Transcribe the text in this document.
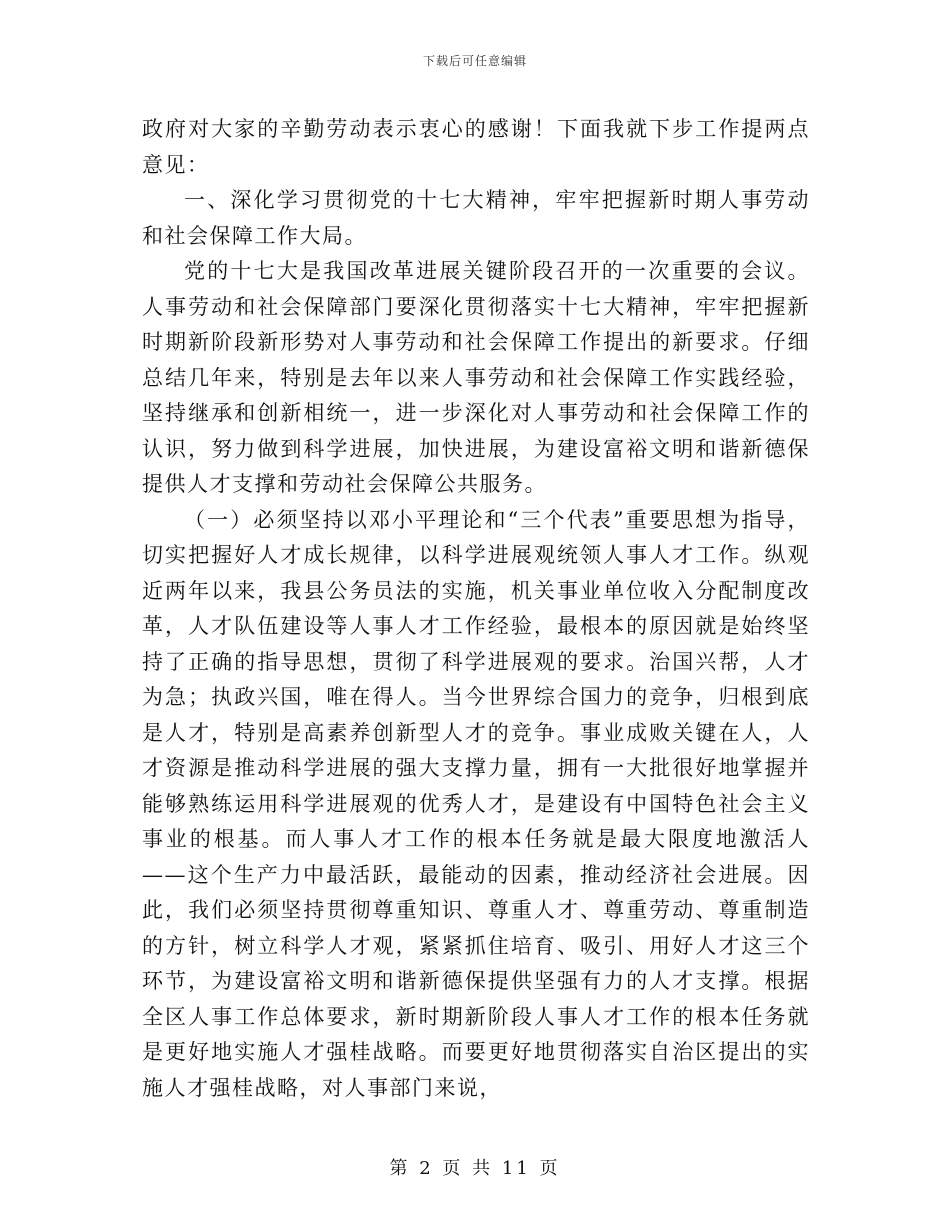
下载后可任意编辑

政府对大家的辛勤劳动表示衷心的感谢！下面我就下步工作提两点意见：

一、深化学习贯彻党的十七大精神，牢牢把握新时期人事劳动和社会保障工作大局。

党的十七大是我国改革进展关键阶段召开的一次重要的会议。人事劳动和社会保障部门要深化贯彻落实十七大精神，牢牢把握新时期新阶段新形势对人事劳动和社会保障工作提出的新要求。仔细总结几年来，特别是去年以来人事劳动和社会保障工作实践经验，坚持继承和创新相统一，进一步深化对人事劳动和社会保障工作的认识，努力做到科学进展，加快进展，为建设富裕文明和谐新德保提供人才支撑和劳动社会保障公共服务。

（一）必须坚持以邓小平理论和“三个代表”重要思想为指导，切实把握好人才成长规律，以科学进展观统领人事人才工作。纵观近两年以来，我县公务员法的实施，机关事业单位收入分配制度改革，人才队伍建设等人事人才工作经验，最根本的原因就是始终坚持了正确的指导思想，贯彻了科学进展观的要求。治国兴帮，人才为急；执政兴国，唯在得人。当今世界综合国力的竞争，归根到底是人才，特别是高素养创新型人才的竞争。事业成败关键在人，人才资源是推动科学进展的强大支撑力量，拥有一大批很好地掌握并能够熟练运用科学进展观的优秀人才，是建设有中国特色社会主义事业的根基。而人事人才工作的根本任务就是最大限度地激活人——这个生产力中最活跃，最能动的因素，推动经济社会进展。因此，我们必须坚持贯彻尊重知识、尊重人才、尊重劳动、尊重制造的方针，树立科学人才观，紧紧抓住培育、吸引、用好人才这三个环节，为建设富裕文明和谐新德保提供坚强有力的人才支撑。根据全区人事工作总体要求，新时期新阶段人事人才工作的根本任务就是更好地实施人才强桂战略。而要更好地贯彻落实自治区提出的实施人才强桂战略，对人事部门来说，

第 2 页 共 11 页
